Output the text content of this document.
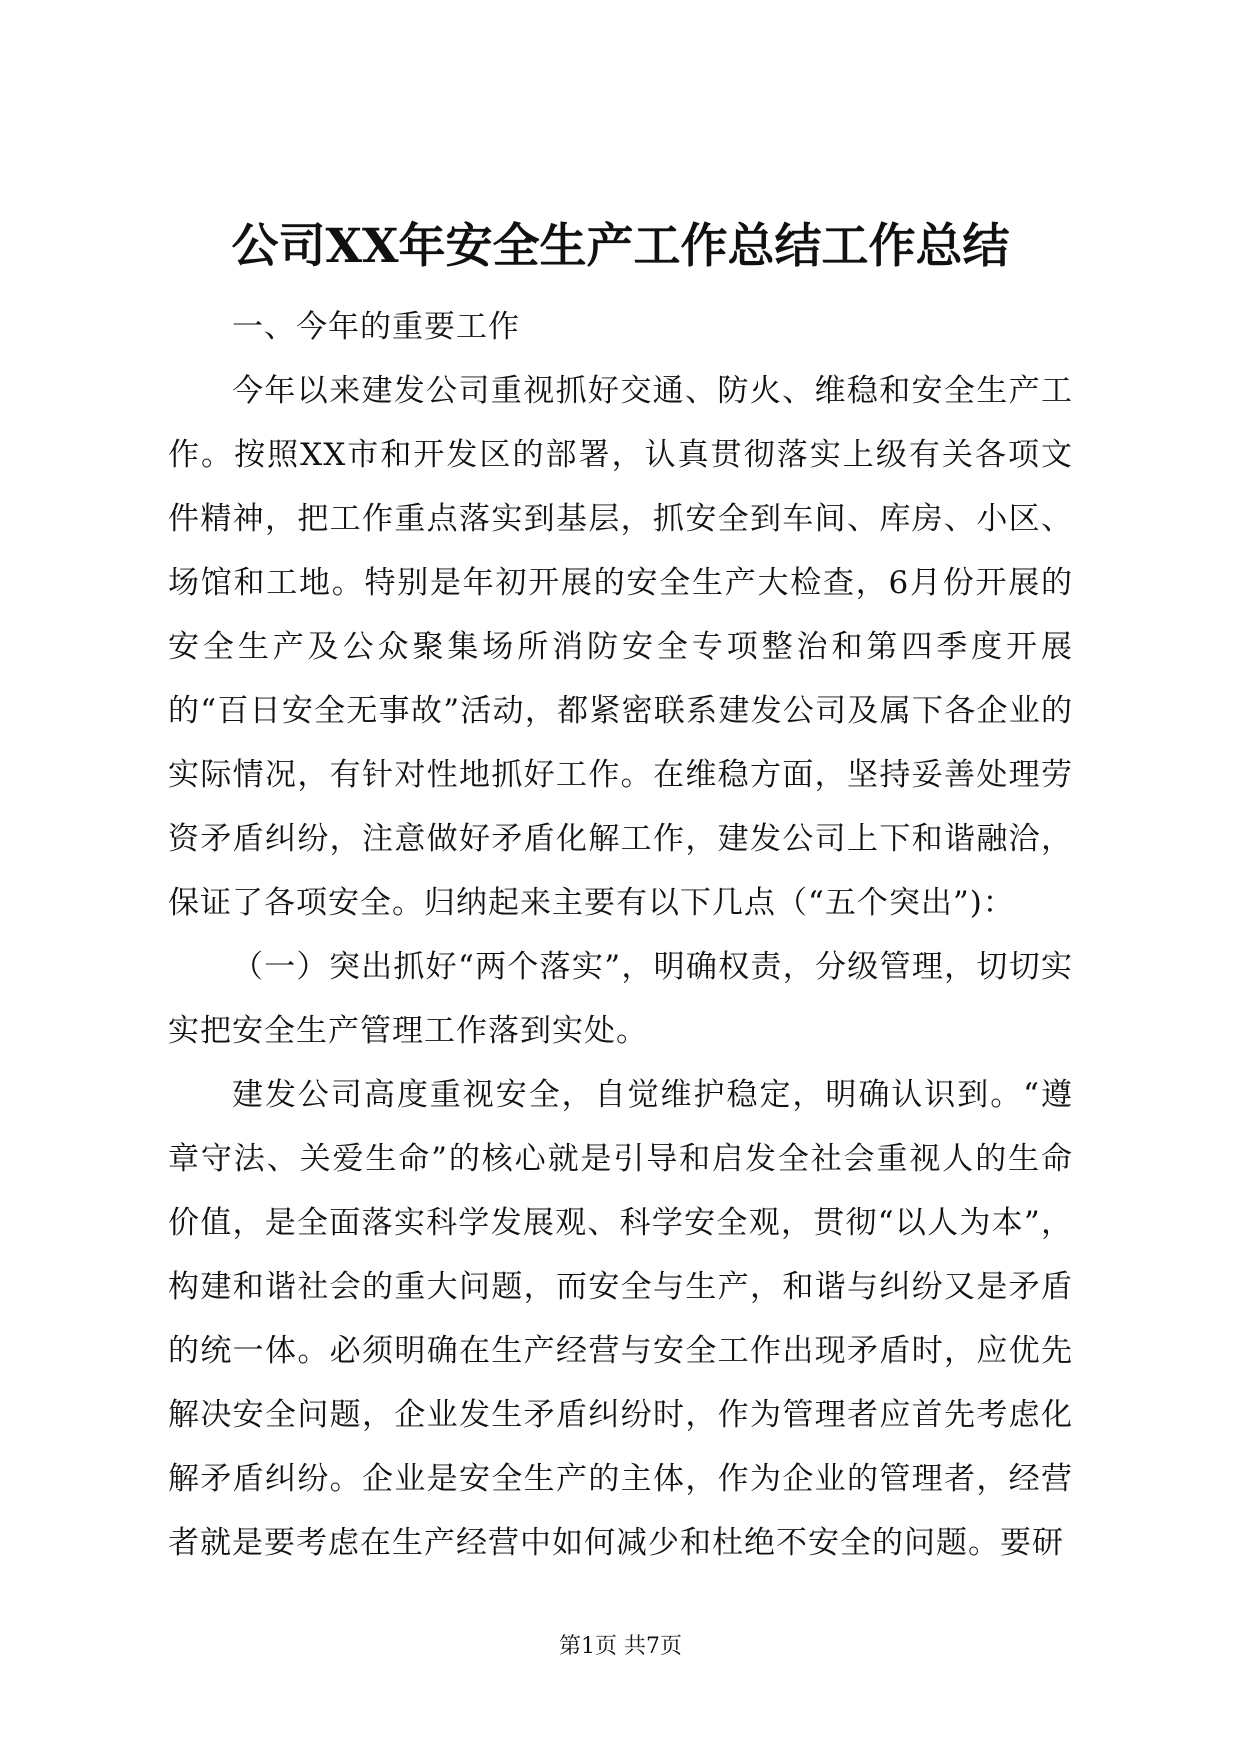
公司XX年安全生产工作总结工作总结

一、今年的重要工作

今年以来建发公司重视抓好交通、防火、维稳和安全生产工作。按照XX市和开发区的部署，认真贯彻落实上级有关各项文件精神，把工作重点落实到基层，抓安全到车间、库房、小区、场馆和工地。特别是年初开展的安全生产大检查，6月份开展的安全生产及公众聚集场所消防安全专项整治和第四季度开展的“百日安全无事故”活动，都紧密联系建发公司及属下各企业的实际情况，有针对性地抓好工作。在维稳方面，坚持妥善处理劳资矛盾纠纷，注意做好矛盾化解工作，建发公司上下和谐融洽，保证了各项安全。归纳起来主要有以下几点（“五个突出”)：

（一）突出抓好“两个落实”，明确权责，分级管理，切切实实把安全生产管理工作落到实处。

建发公司高度重视安全，自觉维护稳定，明确认识到。“遵章守法、关爱生命”的核心就是引导和启发全社会重视人的生命价值，是全面落实科学发展观、科学安全观，贯彻“以人为本”，构建和谐社会的重大问题，而安全与生产，和谐与纠纷又是矛盾的统一体。必须明确在生产经营与安全工作出现矛盾时，应优先解决安全问题，企业发生矛盾纠纷时，作为管理者应首先考虑化解矛盾纠纷。企业是安全生产的主体，作为企业的管理者，经营者就是要考虑在生产经营中如何减少和杜绝不安全的问题。要研

第1页 共7页
